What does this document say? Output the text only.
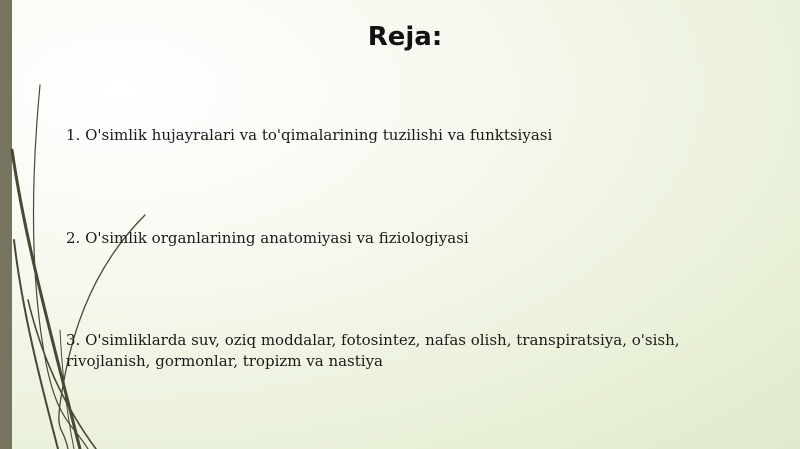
Reja:
1. O'simlik hujayralari va to'qimalarining tuzilishi va funktsiyasi
2. O'simlik organlarining anatomiyasi va fiziologiyasi
3. O'simliklarda suv, oziq moddalar, fotosintez, nafas olish, transpiratsiya, o'sish, rivojlanish, gormonlar, tropizm va nastiya
